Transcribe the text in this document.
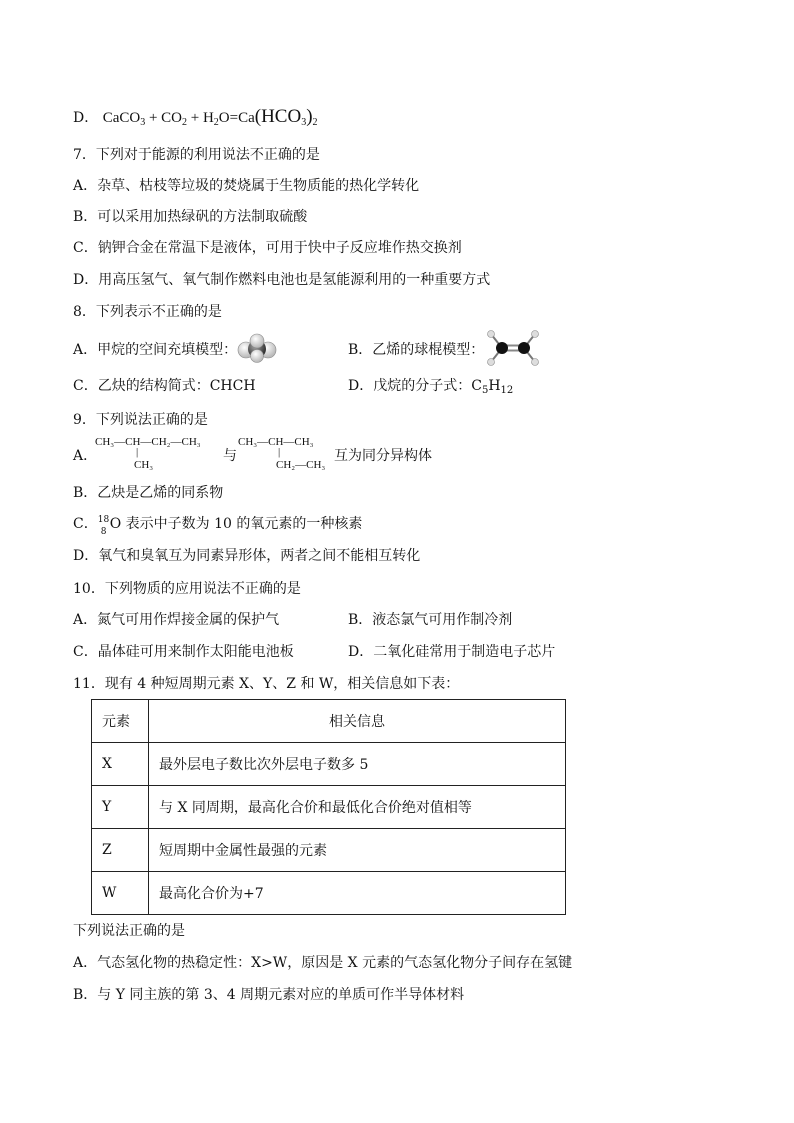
D． CaCO$_3$ + $CO_2 + H_2O=Ca(HCO_3)_2$
7．下列对于能源的利用说法不正确的是
A．杂草、枯枝等垃圾的焚烧属于生物质能的热化学转化
B．可以采用加热绿矾的方法制取硫酸
C．钠钾合金在常温下是液体，可用于快中子反应堆作热交换剂
D．用高压氢气、氧气制作燃料电池也是氢能源利用的一种重要方式
8．下列表示不正确的是
A．甲烷的空间充填模型：	B．乙烯的球棍模型：
C．乙炔的结构简式：CHCH	D．戊烷的分子式：$C_5H_{12}$
9．下列说法正确的是
A．
CH₃—CH—CH₂—CH₃
|
CH₃
与
CH₃—CH—CH₃
|
CH₂—CH₃
互为同分异构体
B．乙炔是乙烯的同系物
C． 18
8 O 表示中子数为 10 的氧元素的一种核素
D．氧气和臭氧互为同素异形体，两者之间不能相互转化
10．下列物质的应用说法不正确的是
A．氮气可用作焊接金属的保护气	B．液态氯气可用作制冷剂
C．晶体硅可用来制作太阳能电池板	D．二氧化硅常用于制造电子芯片
11．现有 4 种短周期元素 X、Y、Z 和 W，相关信息如下表：
元素	相关信息
X	最外层电子数比次外层电子数多 5
Y	与 X 同周期，最高化合价和最低化合价绝对值相等
Z	短周期中金属性最强的元素
W	最高化合价为+7
下列说法正确的是
A．气态氢化物的热稳定性：X>W，原因是 X 元素的气态氢化物分子间存在氢键
B．与 Y 同主族的第 3、4 周期元素对应的单质可作半导体材料
